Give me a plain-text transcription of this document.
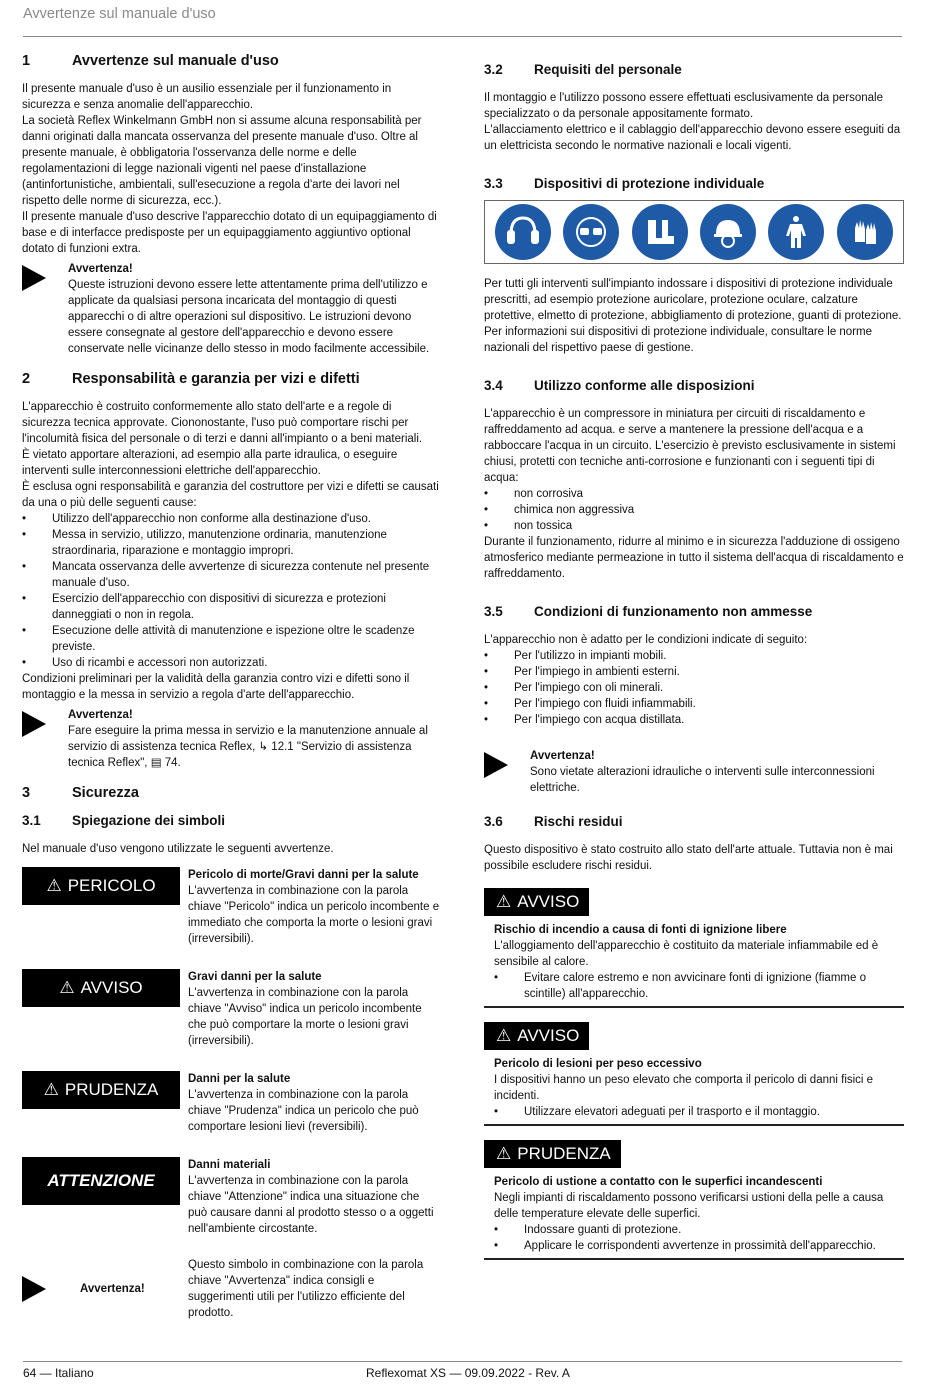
Avvertenze sul manuale d'uso
1	Avvertenze sul manuale d'uso

Il presente manuale d'uso è un ausilio essenziale per il funzionamento in sicurezza e senza anomalie dell'apparecchio.

La società Reflex Winkelmann GmbH non si assume alcuna responsabilità per danni originati dalla mancata osservanza del presente manuale d'uso. Oltre al presente manuale, è obbligatoria l'osservanza delle norme e delle regolamentazioni di legge nazionali vigenti nel paese d'installazione (antinfortunistiche, ambientali, sull'esecuzione a regola d'arte dei lavori nel rispetto delle norme di sicurezza, ecc.).

Il presente manuale d'uso descrive l'apparecchio dotato di un equipaggiamento di base e di interfacce predisposte per un equipaggiamento aggiuntivo optional dotato di funzioni extra.

Avvertenza!
Queste istruzioni devono essere lette attentamente prima dell'utilizzo e applicate da qualsiasi persona incaricata del montaggio di questi apparecchi o di altre operazioni sul dispositivo. Le istruzioni devono essere consegnate al gestore dell'apparecchio e devono essere conservate nelle vicinanze dello stesso in modo facilmente accessibile.
2	Responsabilità e garanzia per vizi e difetti

L'apparecchio è costruito conformemente allo stato dell'arte e a regole di sicurezza tecnica approvate. Ciononostante, l'uso può comportare rischi per l'incolumità fisica del personale o di terzi e danni all'impianto o a beni materiali.

È vietato apportare alterazioni, ad esempio alla parte idraulica, o eseguire interventi sulle interconnessioni elettriche dell'apparecchio.

È esclusa ogni responsabilità e garanzia del costruttore per vizi e difetti se causati da una o più delle seguenti cause:

• Utilizzo dell'apparecchio non conforme alla destinazione d'uso.
• Messa in servizio, utilizzo, manutenzione ordinaria, manutenzione straordinaria, riparazione e montaggio impropri.
• Mancata osservanza delle avvertenze di sicurezza contenute nel presente manuale d'uso.
• Esercizio dell'apparecchio con dispositivi di sicurezza e protezioni danneggiati o non in regola.
• Esecuzione delle attività di manutenzione e ispezione oltre le scadenze previste.
• Uso di ricambi e accessori non autorizzati.

Condizioni preliminari per la validità della garanzia contro vizi e difetti sono il montaggio e la messa in servizio a regola d'arte dell'apparecchio.

Avvertenza!
Fare eseguire la prima messa in servizio e la manutenzione annuale al servizio di assistenza tecnica Reflex, ↳ 12.1 "Servizio di assistenza tecnica Reflex", ▤ 74.
3	Sicurezza
3.1	Spiegazione dei simboli

Nel manuale d'uso vengono utilizzate le seguenti avvertenze.

⚠ PERICOLO
Pericolo di morte/Gravi danni per la salute
L'avvertenza in combinazione con la parola chiave "Pericolo" indica un pericolo incombente e immediato che comporta la morte o lesioni gravi (irreversibili).
⚠ AVVISO
Gravi danni per la salute
L'avvertenza in combinazione con la parola chiave "Avviso" indica un pericolo incombente che può comportare la morte o lesioni gravi (irreversibili).
⚠ PRUDENZA
Danni per la salute
L'avvertenza in combinazione con la parola chiave "Prudenza" indica un pericolo che può comportare lesioni lievi (reversibili).
ATTENZIONE
Danni materiali
L'avvertenza in combinazione con la parola chiave "Attenzione" indica una situazione che può causare danni al prodotto stesso o a oggetti nell'ambiente circostante.
Avvertenza!
Questo simbolo in combinazione con la parola chiave "Avvertenza" indica consigli e suggerimenti utili per l'utilizzo efficiente del prodotto.
3.2	Requisiti del personale

Il montaggio e l'utilizzo possono essere effettuati esclusivamente da personale specializzato o da personale appositamente formato.

L'allacciamento elettrico e il cablaggio dell'apparecchio devono essere eseguiti da un elettricista secondo le normative nazionali e locali vigenti.

3.3	Dispositivi di protezione individuale

Per tutti gli interventi sull'impianto indossare i dispositivi di protezione individuale prescritti, ad esempio protezione auricolare, protezione oculare, calzature protettive, elmetto di protezione, abbigliamento di protezione, guanti di protezione.

Per informazioni sui dispositivi di protezione individuale, consultare le norme nazionali del rispettivo paese di gestione.

3.4	Utilizzo conforme alle disposizioni

L'apparecchio è un compressore in miniatura per circuiti di riscaldamento e raffreddamento ad acqua. e serve a mantenere la pressione dell'acqua e a rabboccare l'acqua in un circuito. L'esercizio è previsto esclusivamente in sistemi chiusi, protetti con tecniche anti-corrosione e funzionanti con i seguenti tipi di acqua:

• non corrosiva
• chimica non aggressiva
• non tossica

Durante il funzionamento, ridurre al minimo e in sicurezza l'adduzione di ossigeno atmosferico mediante permeazione in tutto il sistema dell'acqua di riscaldamento e raffreddamento.

3.5	Condizioni di funzionamento non ammesse

L'apparecchio non è adatto per le condizioni indicate di seguito:

• Per l'utilizzo in impianti mobili.
• Per l'impiego in ambienti esterni.
• Per l'impiego con oli minerali.
• Per l'impiego con fluidi infiammabili.
• Per l'impiego con acqua distillata.
Avvertenza!
Sono vietate alterazioni idrauliche o interventi sulle interconnessioni elettriche.
3.6	Rischi residui

Questo dispositivo è stato costruito allo stato dell'arte attuale. Tuttavia non è mai possibile escludere rischi residui.

⚠ AVVISO
Rischio di incendio a causa di fonti di ignizione libere
L'alloggiamento dell'apparecchio è costituito da materiale infiammabile ed è sensibile al calore.
• Evitare calore estremo e non avvicinare fonti di ignizione (fiamme o scintille) all'apparecchio.
⚠ AVVISO
Pericolo di lesioni per peso eccessivo
I dispositivi hanno un peso elevato che comporta il pericolo di danni fisici e incidenti.
• Utilizzare elevatori adeguati per il trasporto e il montaggio.
⚠ PRUDENZA
Pericolo di ustione a contatto con le superfici incandescenti
Negli impianti di riscaldamento possono verificarsi ustioni della pelle a causa delle temperature elevate delle superfici.
• Indossare guanti di protezione.
• Applicare le corrispondenti avvertenze in prossimità dell'apparecchio.
64 — Italiano	Reflexomat XS — 09.09.2022 - Rev. A
